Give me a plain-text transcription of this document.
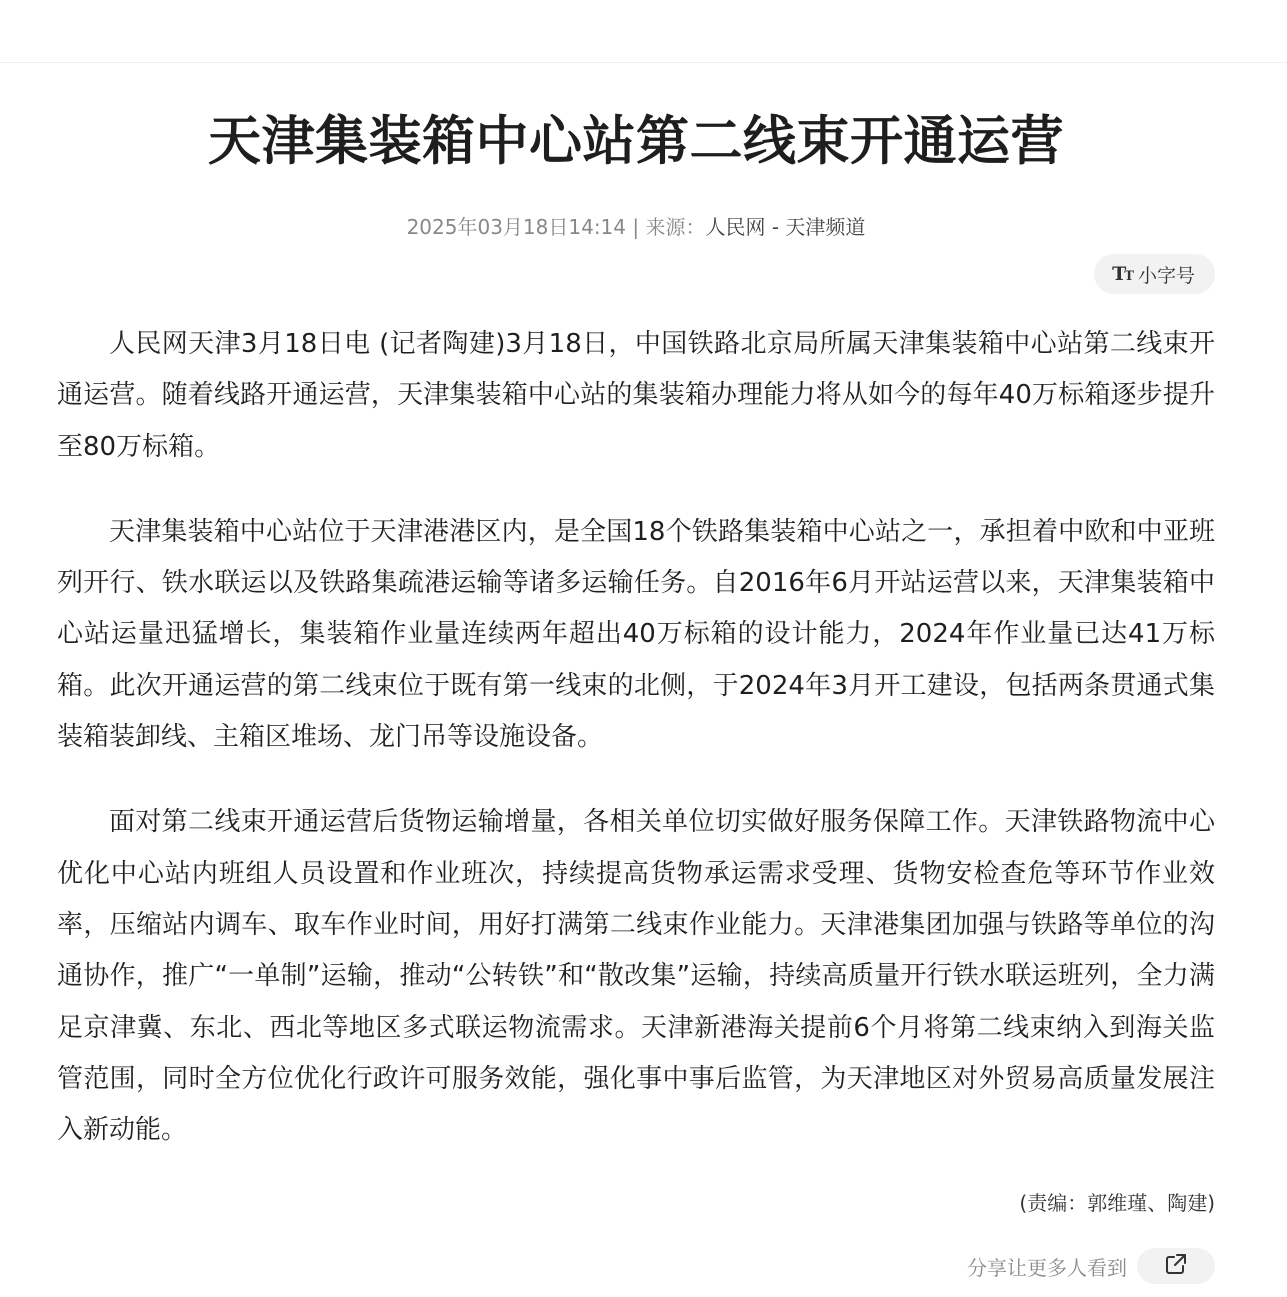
天津集装箱中心站第二线束开通运营
2025年03月18日14:14 | 来源：人民网 - 天津频道
TT 小字号

人民网天津3月18日电 (记者陶建)3月18日，中国铁路北京局所属天津集装箱中心站第二线束开通运营。随着线路开通运营，天津集装箱中心站的集装箱办理能力将从如今的每年40万标箱逐步提升至80万标箱。

天津集装箱中心站位于天津港港区内，是全国18个铁路集装箱中心站之一，承担着中欧和中亚班列开行、铁水联运以及铁路集疏港运输等诸多运输任务。自2016年6月开站运营以来，天津集装箱中心站运量迅猛增长，集装箱作业量连续两年超出40万标箱的设计能力，2024年作业量已达41万标箱。此次开通运营的第二线束位于既有第一线束的北侧，于2024年3月开工建设，包括两条贯通式集装箱装卸线、主箱区堆场、龙门吊等设施设备。

面对第二线束开通运营后货物运输增量，各相关单位切实做好服务保障工作。天津铁路物流中心优化中心站内班组人员设置和作业班次，持续提高货物承运需求受理、货物安检查危等环节作业效率，压缩站内调车、取车作业时间，用好打满第二线束作业能力。天津港集团加强与铁路等单位的沟通协作，推广“一单制”运输，推动“公转铁”和“散改集”运输，持续高质量开行铁水联运班列，全力满足京津冀、东北、西北等地区多式联运物流需求。天津新港海关提前6个月将第二线束纳入到海关监管范围，同时全方位优化行政许可服务效能，强化事中事后监管，为天津地区对外贸易高质量发展注入新动能。

(责编：郭维瑾、陶建)
分享让更多人看到
